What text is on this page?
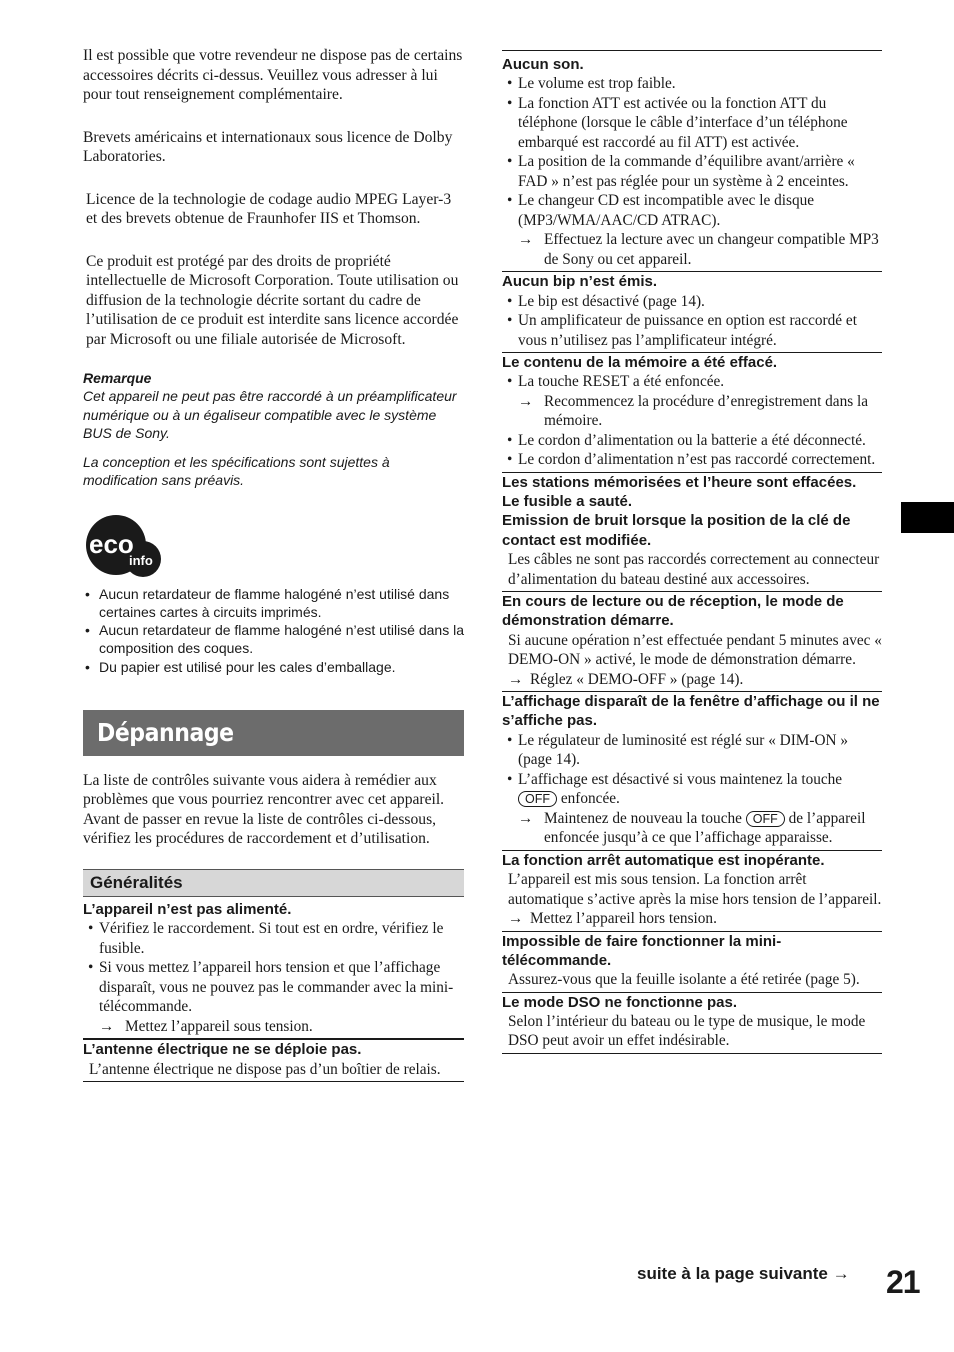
Il est possible que votre revendeur ne dispose pas de certains accessoires décrits ci-dessus. Veuillez vous adresser à lui pour tout renseignement complémentaire.

Brevets américains et internationaux sous licence de Dolby Laboratories.

Licence de la technologie de codage audio MPEG Layer-3 et des brevets obtenue de Fraunhofer IIS et Thomson.

Ce produit est protégé par des droits de propriété intellectuelle de Microsoft Corporation. Toute utilisation ou diffusion de la technologie décrite sortant du cadre de l’utilisation de ce produit est interdite sans licence accordée par Microsoft ou une filiale autorisée de Microsoft.

Remarque

Cet appareil ne peut pas être raccordé à un préamplificateur numérique ou à un égaliseur compatible avec le système BUS de Sony.

La conception et les spécifications sont sujettes à modification sans préavis.

eco
info
• Aucun retardateur de flamme halogéné n’est utilisé dans certaines cartes à circuits imprimés.
• Aucun retardateur de flamme halogéné n’est utilisé dans la composition des coques.
• Du papier est utilisé pour les cales d’emballage.
Dépannage

La liste de contrôles suivante vous aidera à remédier aux problèmes que vous pourriez rencontrer avec cet appareil.

Avant de passer en revue la liste de contrôles ci-dessous, vérifiez les procédures de raccordement et d’utilisation.

Généralités
L’appareil n’est pas alimenté.
• Vérifiez le raccordement. Si tout est en ordre, vérifiez le fusible.
• Si vous mettez l’appareil hors tension et que l’affichage disparaît, vous ne pouvez pas le commander avec la mini-télécommande.
→ Mettez l’appareil sous tension.
L’antenne électrique ne se déploie pas.
L’antenne électrique ne dispose pas d’un boîtier de relais.
Aucun son.
• Le volume est trop faible.
• La fonction ATT est activée ou la fonction ATT du téléphone (lorsque le câble d’interface d’un téléphone embarqué est raccordé au fil ATT) est activée.
• La position de la commande d’équilibre avant/arrière « FAD » n’est pas réglée pour un système à 2 enceintes.
• Le changeur CD est incompatible avec le disque (MP3/WMA/AAC/CD ATRAC).
→ Effectuez la lecture avec un changeur compatible MP3 de Sony ou cet appareil.
Aucun bip n’est émis.
• Le bip est désactivé (page 14).
• Un amplificateur de puissance en option est raccordé et vous n’utilisez pas l’amplificateur intégré.
Le contenu de la mémoire a été effacé.
• La touche RESET a été enfoncée.
→ Recommencez la procédure d’enregistrement dans la mémoire.
• Le cordon d’alimentation ou la batterie a été déconnecté.
• Le cordon d’alimentation n’est pas raccordé correctement.
Les stations mémorisées et l’heure sont effacées.
Le fusible a sauté.
Emission de bruit lorsque la position de la clé de contact est modifiée.
Les câbles ne sont pas raccordés correctement au connecteur d’alimentation du bateau destiné aux accessoires.
En cours de lecture ou de réception, le mode de démonstration démarre.
Si aucune opération n’est effectuée pendant 5 minutes avec « DEMO-ON » activé, le mode de démonstration démarre.
→ Réglez « DEMO-OFF » (page 14).
L’affichage disparaît de la fenêtre d’affichage ou il ne s’affiche pas.
• Le régulateur de luminosité est réglé sur « DIM-ON » (page 14).
• L’affichage est désactivé si vous maintenez la touche OFF enfoncée.
→ Maintenez de nouveau la touche OFF de l’appareil enfoncée jusqu’à ce que l’affichage apparaisse.
La fonction arrêt automatique est inopérante.
L’appareil est mis sous tension. La fonction arrêt automatique s’active après la mise hors tension de l’appareil.
→ Mettez l’appareil hors tension.
Impossible de faire fonctionner la mini-télécommande.
Assurez-vous que la feuille isolante a été retirée (page 5).
Le mode DSO ne fonctionne pas.
Selon l’intérieur du bateau ou le type de musique, le mode DSO peut avoir un effet indésirable.
suite à la page suivante → 21
